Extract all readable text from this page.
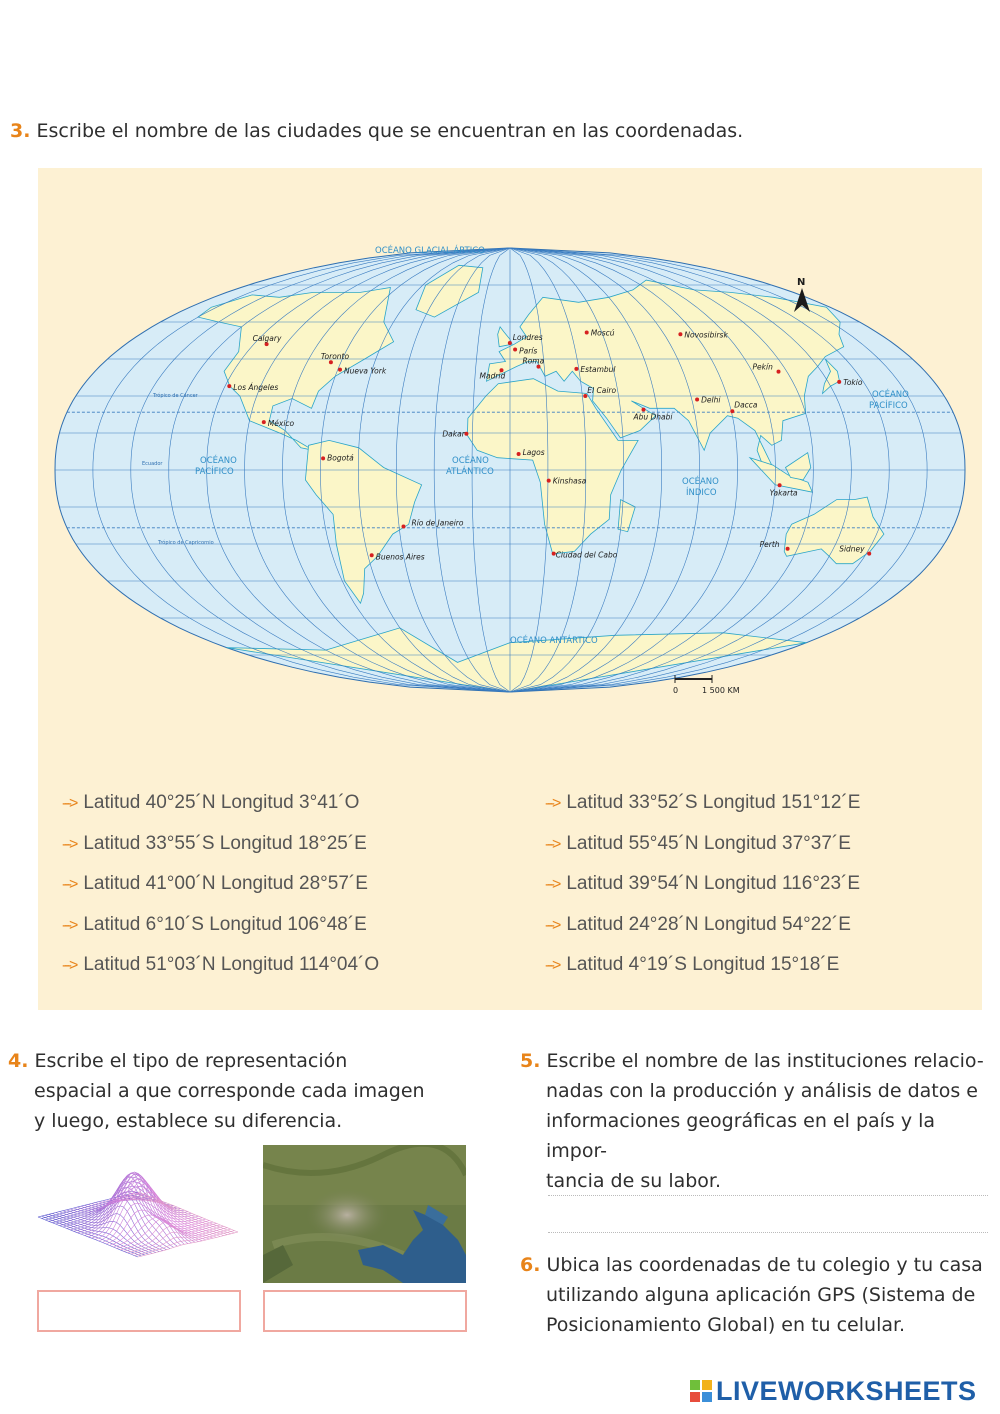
3. Escribe el nombre de las ciudades que se encuentran en las coordenadas.
Calgary
Toronto
Nueva York
Los Ángeles
México
Bogotá
Río de Janeiro
Buenos Aires
Dakar
Lagos
Kinshasa
Ciudad del Cabo
Londres
París
Madrid
Roma
Estambul
Moscú	Novosibirsk
El Cairo
Abu Dhabi
Delhi
Dacca
Pekín
Tokio
Yakarta
Perth
Sidney
OCÉANO GLACIAL ÁRTICO
OCÉANO
PACÍFICO
OCÉANO
ATLÁNTICO
OCÉANO
ÍNDICO
OCÉANO
PACÍFICO
OCÉANO ANTÁRTICO
Trópico de Cáncer
Ecuador
Trópico de Capricornio
N
0	1 500 KM
---> Latitud 40°25´N Longitud 3°41´O
---> Latitud 33°55´S Longitud 18°25´E
---> Latitud 41°00´N Longitud 28°57´E
---> Latitud 6°10´S Longitud 106°48´E
---> Latitud 51°03´N Longitud 114°04´O
---> Latitud 33°52´S Longitud 151°12´E
---> Latitud 55°45´N Longitud 37°37´E
---> Latitud 39°54´N Longitud 116°23´E
---> Latitud 24°28´N Longitud 54°22´E
---> Latitud 4°19´S Longitud 15°18´E
4. Escribe el tipo de representación
espacial a que corresponde cada imagen
y luego, establece su diferencia.
5. Escribe el nombre de las instituciones relacio-
nadas con la producción y análisis de datos e
informaciones geográficas en el país y la impor-
tancia de su labor.
6. Ubica las coordenadas de tu colegio y tu casa
utilizando alguna aplicación GPS (Sistema de
Posicionamiento Global) en tu celular.
LIVEWORKSHEETS
